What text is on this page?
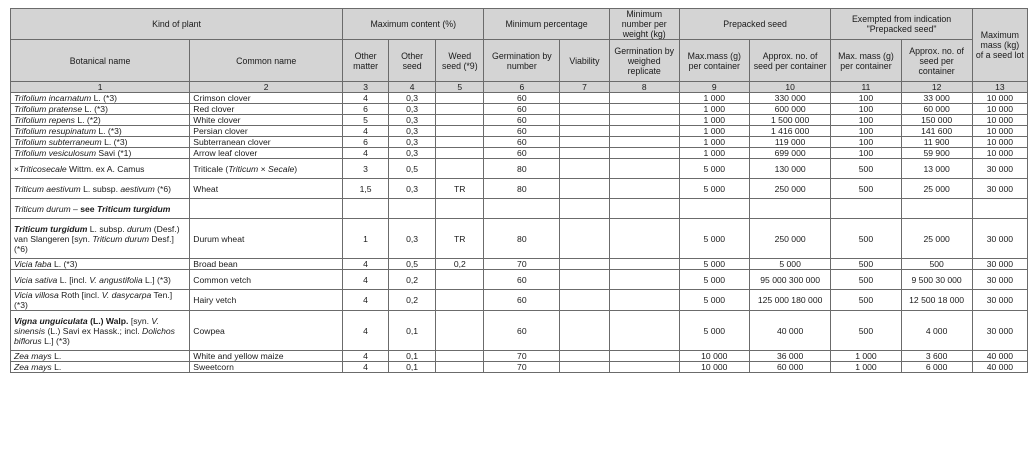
Kind of plant		Maximum content (%)			Minimum percentage		Minimum number per weight (kg)	Prepacked seed		Exempted from indication "Prepacked seed"		Maximum mass (kg) of a seed lot
Botanical name	Common name	Other matter	Other seed	Weed seed (*9)	Germination by number	Viability	Germination by weighed replicate	Max.mass (g) per container	Approx. no. of seed per container	Max. mass (g) per container	Approx. no. of seed per container	
1	2	3	4	5	6	7	8	9	10	11	12	13
Trifolium incarnatum L. (*3)	Crimson clover	4	0,3		60			1 000	330 000	100	33 000	10 000
Trifolium pratense L. (*3)	Red clover	6	0,3		60			1 000	600 000	100	60 000	10 000
Trifolium repens L. (*2)	White clover	5	0,3		60			1 000	1 500 000	100	150 000	10 000
Trifolium resupinatum L. (*3)	Persian clover	4	0,3		60			1 000	1 416 000	100	141 600	10 000
Trifolium subterraneum L. (*3)	Subterranean clover	6	0,3		60			1 000	119 000	100	11 900	10 000
Trifolium vesiculosum Savi (*1)	Arrow leaf clover	4	0,3		60			1 000	699 000	100	59 900	10 000
×Triticosecale Wittm. ex A. Camus	Triticale (Triticum × Secale)	3	0,5		80			5 000	130 000	500	13 000	30 000
Triticum aestivum L. subsp. aestivum (*6)	Wheat	1,5	0,3	TR	80			5 000	250 000	500	25 000	30 000
Triticum durum – see Triticum turgidum												
Triticum turgidum L. subsp. durum (Desf.) van Slangeren [syn. Triticum durum Desf.] (*6)	Durum wheat	1	0,3	TR	80			5 000	250 000	500	25 000	30 000
Vicia faba L. (*3)	Broad bean	4	0,5	0,2	70			5 000	5 000	500	500	30 000
Vicia sativa L. [incl. V. angustifolia L.] (*3)	Common vetch	4	0,2		60			5 000	95 000 300 000	500	9 500 30 000	30 000
Vicia villosa Roth [incl. V. dasycarpa Ten.] (*3)	Hairy vetch	4	0,2		60			5 000	125 000 180 000	500	12 500 18 000	30 000
Vigna unguiculata (L.) Walp. [syn. V. sinensis (L.) Savi ex Hassk.; incl. Dolichos biflorus L.] (*3)	Cowpea	4	0,1		60			5 000	40 000	500	4 000	30 000
Zea mays L.	White and yellow maize	4	0,1		70			10 000	36 000	1 000	3 600	40 000
Zea mays L.	Sweetcorn	4	0,1		70			10 000	60 000	1 000	6 000	40 000
